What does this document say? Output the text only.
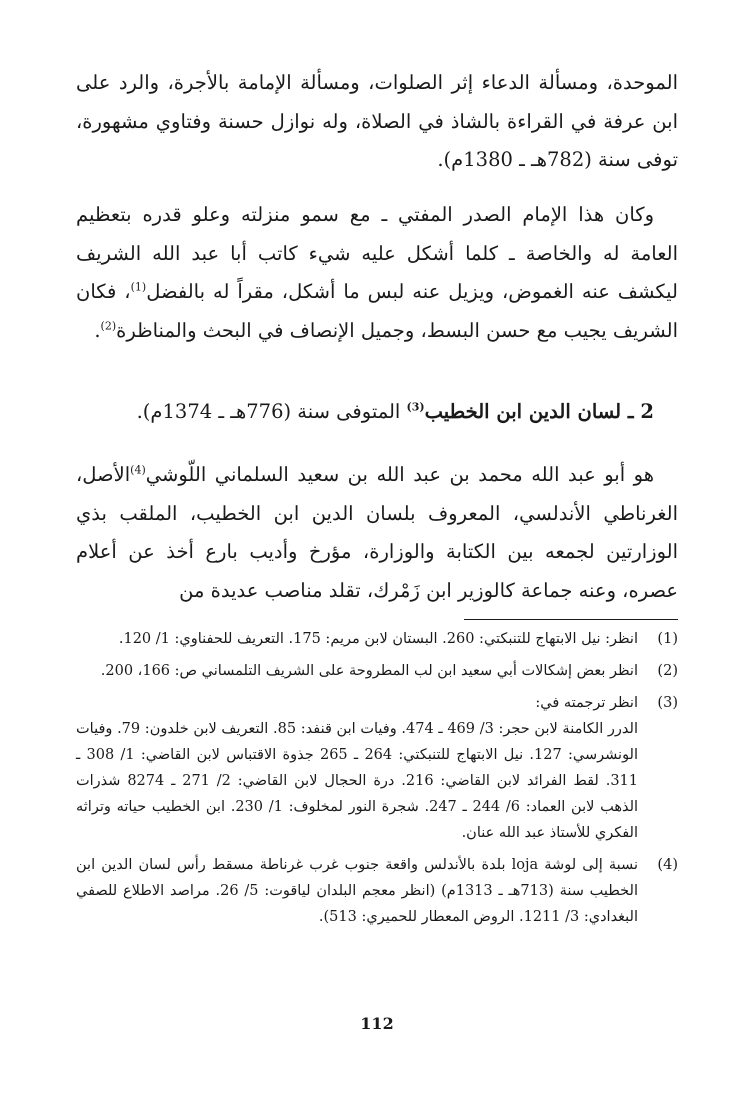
الموحدة، ومسألة الدعاء إثر الصلوات، ومسألة الإمامة بالأجرة، والرد على ابن عرفة في القراءة بالشاذ في الصلاة، وله نوازل حسنة وفتاوي مشهورة، توفى سنة (782هـ ـ 1380م).

وكان هذا الإمام الصدر المفتي ـ مع سمو منزلته وعلو قدره بتعظيم العامة له والخاصة ـ كلما أشكل عليه شيء كاتب أبا عبد الله الشريف ليكشف عنه الغموض، ويزيل عنه لبس ما أشكل، مقراً له بالفضل$^{(1)}$، فكان الشريف يجيب مع حسن البسط، وجميل الإنصاف في البحث والمناظرة$^{(2)}$.

2 ـ لسان الدين ابن الخطيب$^{(3)}$ المتوفى سنة (776هـ ـ 1374م).

هو أبو عبد الله محمد بن عبد الله بن سعيد السلماني اللّوشي$^{(4)}$الأصل، الغرناطي الأندلسي، المعروف بلسان الدين ابن الخطيب، الملقب بذي الوزارتين لجمعه بين الكتابة والوزارة، مؤرخ وأديب بارع أخذ عن أعلام عصره، وعنه جماعة كالوزير ابن زَمْرك، تقلد مناصب عديدة من

(1)

انظر: نيل الابتهاج للتنبكتي: 260. البستان لابن مريم: 175. التعريف للحفناوي: 1/ 120.

(2)

انظر بعض إشكالات أبي سعيد ابن لب المطروحة على الشريف التلمساني ص: 166، 200.

(3)

انظر ترجمته في:

الدرر الكامنة لابن حجر: 3/ 469 ـ 474. وفيات ابن قنفد: 85. التعريف لابن خلدون: 79. وفيات الونشرسي: 127. نيل الابتهاج للتنبكتي: 264 ـ 265 جذوة الاقتباس لابن القاضي: 1/ 308 ـ 311. لقط الفرائد لابن القاضي: 216. درة الحجال لابن القاضي: 2/ 271 ـ 8274 شذرات الذهب لابن العماد: 6/ 244 ـ 247. شجرة النور لمخلوف: 1/ 230. ابن الخطيب حياته وتراثه الفكري للأستاذ عبد الله عنان.

(4)

نسبة إلى لوشة loja بلدة بالأندلس واقعة جنوب غرب غرناطة مسقط رأس لسان الدين ابن الخطيب سنة (713هـ ـ 1313م) (انظر معجم البلدان لياقوت: 5/ 26. مراصد الاطلاع للصفي البغدادي: 3/ 1211. الروض المعطار للحميري: 513).

112
